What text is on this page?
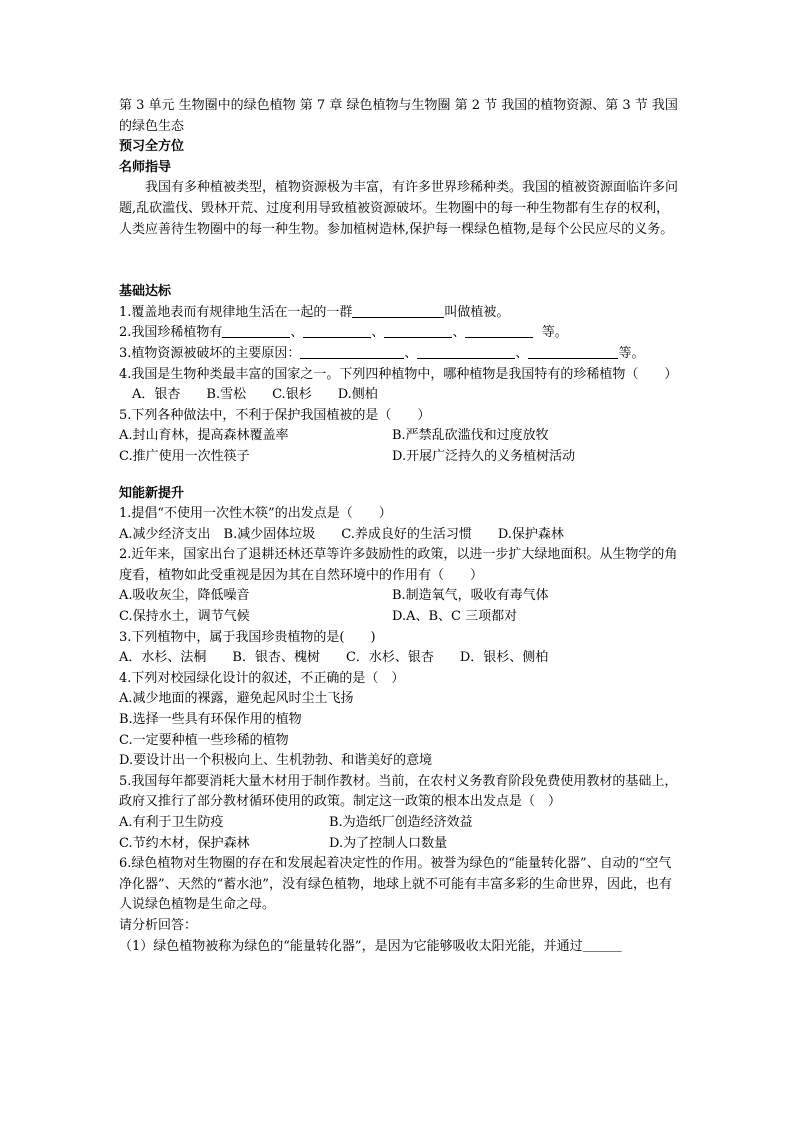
第 3 单元 生物圈中的绿色植物 第 7 章 绿色植物与生物圈 第 2 节 我国的植物资源、第 3 节 我国的绿色生态
预习全方位
名师指导
我国有多种植被类型，植物资源极为丰富，有许多世界珍稀种类。我国的植被资源面临许多问题,乱砍滥伐、毁林开荒、过度利用导致植被资源破坏。生物圈中的每一种生物都有生存的权利，人类应善待生物圈中的每一种生物。参加植树造林,保护每一棵绿色植物,是每个公民应尽的义务。
基础达标
1.覆盖地表而有规律地生活在一起的一群	叫做植被。
2.我国珍稀植物有	、	、	、	等。
3.植物资源被破坏的主要原因：	、	、	等。
4.我国是生物种类最丰富的国家之一。下列四种植物中，哪种植物是我国特有的珍稀植物（　　）
A．银杏　　B.雪松　　C.银杉　　D.侧柏
5.下列各种做法中，不利于保护我国植被的是（　　）
A.封山育林，提高森林覆盖率	B.严禁乱砍滥伐和过度放牧
C.推广使用一次性筷子	D.开展广泛持久的义务植树活动
知能新提升
1.提倡“不使用一次性木筷”的出发点是（　　）
A.减少经济支出　B.减少固体垃圾　　C.养成良好的生活习惯　　D.保护森林
2.近年来，国家出台了退耕还林还草等许多鼓励性的政策，以进一步扩大绿地面积。从生物学的角度看，植物如此受重视是因为其在自然环境中的作用有（　　）
A.吸收灰尘，降低噪音	B.制造氧气，吸收有毒气体
C.保持水土，调节气候	D.A、B、C 三项都对
3.下列植物中，属于我国珍贵植物的是(　　)
A．水杉、法桐　　B．银杏、槐树　　C．水杉、银杏　　D．银杉、侧柏
4.下列对校园绿化设计的叙述，不正确的是（　）
A.减少地面的裸露，避免起风时尘土飞扬
B.选择一些具有环保作用的植物
C.一定要种植一些珍稀的植物
D.要设计出一个积极向上、生机勃勃、和谐美好的意境
5.我国每年都要消耗大量木材用于制作教材。当前，在农村义务教育阶段免费使用教材的基础上，政府又推行了部分教材循环使用的政策。制定这一政策的根本出发点是（　）
A.有利于卫生防疫	B.为造纸厂创造经济效益
C.节约木材，保护森林	D.为了控制人口数量
6.绿色植物对生物圈的存在和发展起着决定性的作用。被誉为绿色的“能量转化器”、自动的“空气净化器”、天然的“蓄水池”，没有绿色植物，地球上就不可能有丰富多彩的生命世界，因此，也有人说绿色植物是生命之母。
请分析回答：
（1）绿色植物被称为绿色的“能量转化器”，是因为它能够吸收太阳光能，并通过＿＿＿
